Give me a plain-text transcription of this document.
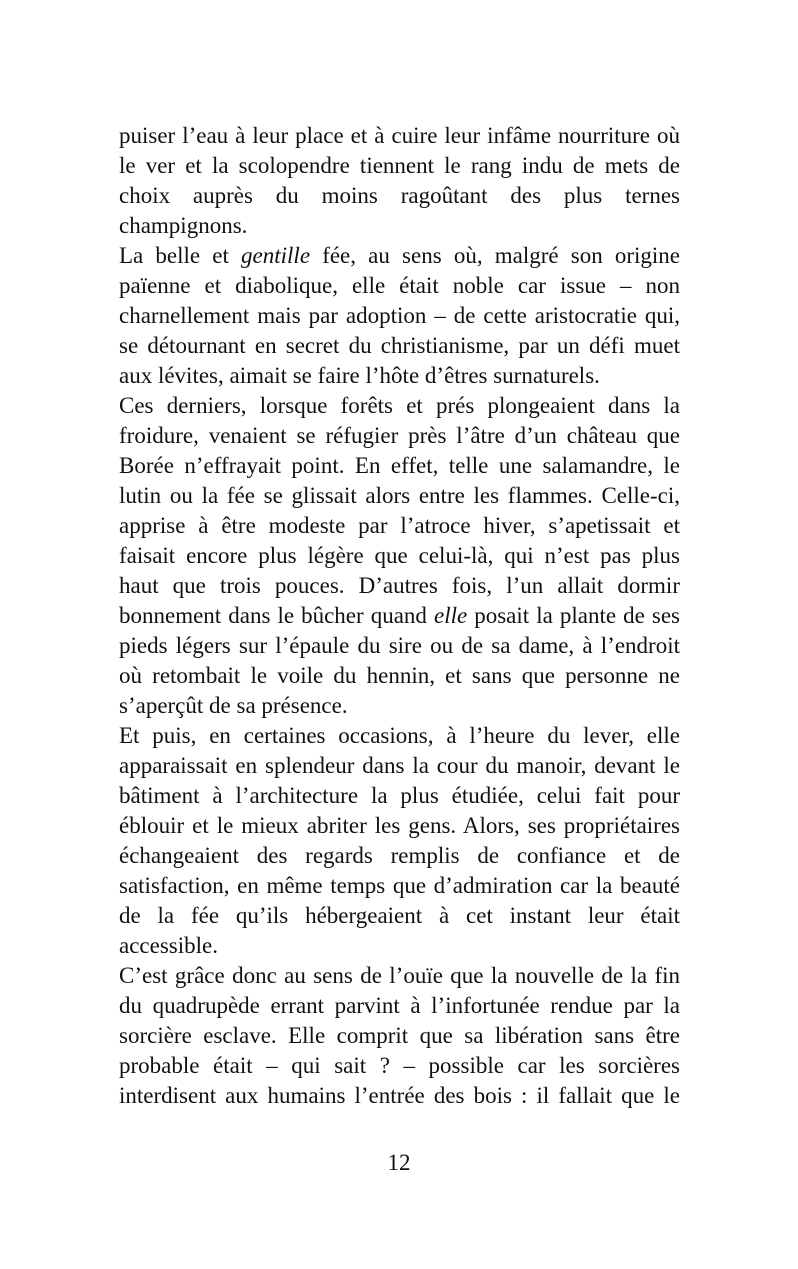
puiser l’eau à leur place et à cuire leur infâme nourriture où
le ver et la scolopendre tiennent le rang indu de mets de
choix auprès du moins ragoûtant des plus ternes
champignons.
La belle et gentille fée, au sens où, malgré son origine
païenne et diabolique, elle était noble car issue – non
charnellement mais par adoption – de cette aristocratie qui,
se détournant en secret du christianisme, par un défi muet
aux lévites, aimait se faire l’hôte d’êtres surnaturels.
Ces derniers, lorsque forêts et prés plongeaient dans la
froidure, venaient se réfugier près l’âtre d’un château que
Borée n’effrayait point. En effet, telle une salamandre, le
lutin ou la fée se glissait alors entre les flammes. Celle-ci,
apprise à être modeste par l’atroce hiver, s’apetissait et
faisait encore plus légère que celui-là, qui n’est pas plus
haut que trois pouces. D’autres fois, l’un allait dormir
bonnement dans le bûcher quand elle posait la plante de ses
pieds légers sur l’épaule du sire ou de sa dame, à l’endroit
où retombait le voile du hennin, et sans que personne ne
s’aperçût de sa présence.
Et puis, en certaines occasions, à l’heure du lever, elle
apparaissait en splendeur dans la cour du manoir, devant le
bâtiment à l’architecture la plus étudiée, celui fait pour
éblouir et le mieux abriter les gens. Alors, ses propriétaires
échangeaient des regards remplis de confiance et de
satisfaction, en même temps que d’admiration car la beauté
de la fée qu’ils hébergeaient à cet instant leur était
accessible.
C’est grâce donc au sens de l’ouïe que la nouvelle de la fin
du quadrupède errant parvint à l’infortunée rendue par la
sorcière esclave. Elle comprit que sa libération sans être
probable était – qui sait ? – possible car les sorcières
interdisent aux humains l’entrée des bois : il fallait que le
12
